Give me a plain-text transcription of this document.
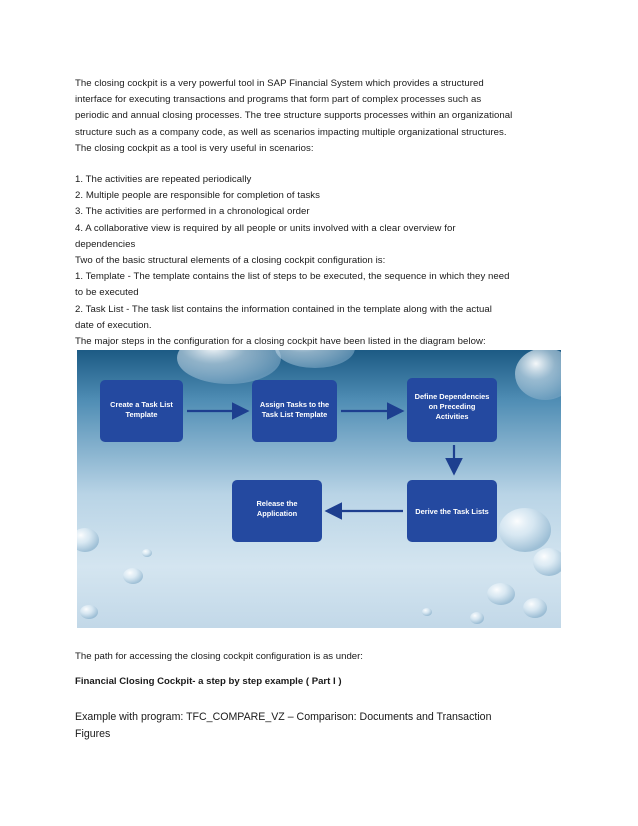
The closing cockpit is a very powerful tool in SAP Financial System which provides a structured
interface for executing transactions and programs that form part of complex processes such as
periodic and annual closing processes. The tree structure supports processes within an organizational
structure such as a company code, as well as scenarios impacting multiple organizational structures.
The closing cockpit as a tool is very useful in scenarios:
1. The activities are repeated periodically
2. Multiple people are responsible for completion of tasks
3. The activities are performed in a chronological order
4. A collaborative view is required by all people or units involved with a clear overview for
dependencies
Two of the basic structural elements of a closing cockpit configuration is:
1. Template - The template contains the list of steps to be executed, the sequence in which they need
to be executed
2. Task List - The task list contains the information contained in the template along with the actual
date of execution.
The major steps in the configuration for a closing cockpit have been listed in the diagram below:
Create a Task List
Template
Assign Tasks to the
Task List Template
Define Dependencies
on Preceding
Activities
Derive the Task Lists
Release the
Application
The path for accessing the closing cockpit configuration is as under:
Financial Closing Cockpit- a step by step example ( Part I )
Example with program: TFC_COMPARE_VZ – Comparison: Documents and Transaction
Figures
